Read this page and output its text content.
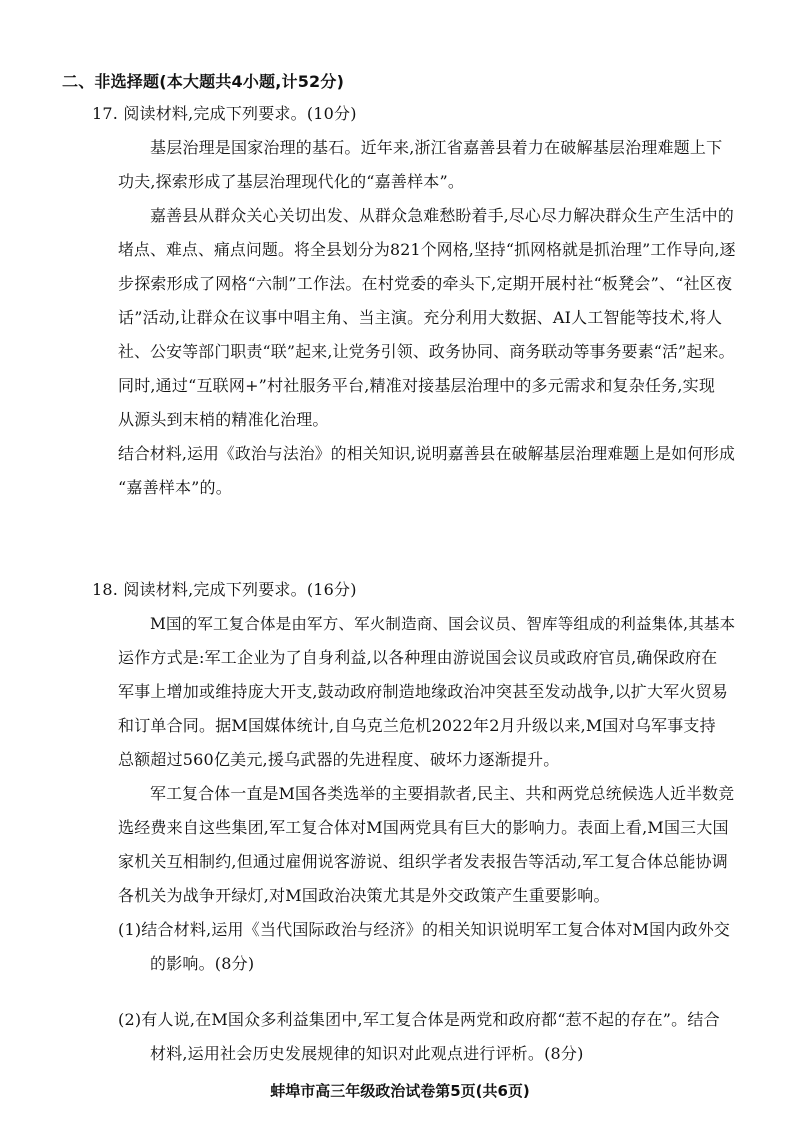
二、非选择题(本大题共4小题,计52分)
17. 阅读材料,完成下列要求。(10分)
基层治理是国家治理的基石。近年来,浙江省嘉善县着力在破解基层治理难题上下
功夫,探索形成了基层治理现代化的“嘉善样本”。
嘉善县从群众关心关切出发、从群众急难愁盼着手,尽心尽力解决群众生产生活中的
堵点、难点、痛点问题。将全县划分为821个网格,坚持“抓网格就是抓治理”工作导向,逐
步探索形成了网格“六制”工作法。在村党委的牵头下,定期开展村社“板凳会”、“社区夜
话”活动,让群众在议事中唱主角、当主演。充分利用大数据、AI人工智能等技术,将人
社、公安等部门职责“联”起来,让党务引领、政务协同、商务联动等事务要素“活”起来。
同时,通过“互联网+”村社服务平台,精准对接基层治理中的多元需求和复杂任务,实现
从源头到末梢的精准化治理。
结合材料,运用《政治与法治》的相关知识,说明嘉善县在破解基层治理难题上是如何形成
“嘉善样本”的。
18. 阅读材料,完成下列要求。(16分)
M国的军工复合体是由军方、军火制造商、国会议员、智库等组成的利益集体,其基本
运作方式是:军工企业为了自身利益,以各种理由游说国会议员或政府官员,确保政府在
军事上增加或维持庞大开支,鼓动政府制造地缘政治冲突甚至发动战争,以扩大军火贸易
和订单合同。据M国媒体统计,自乌克兰危机2022年2月升级以来,M国对乌军事支持
总额超过560亿美元,援乌武器的先进程度、破坏力逐渐提升。
军工复合体一直是M国各类选举的主要捐款者,民主、共和两党总统候选人近半数竞
选经费来自这些集团,军工复合体对M国两党具有巨大的影响力。表面上看,M国三大国
家机关互相制约,但通过雇佣说客游说、组织学者发表报告等活动,军工复合体总能协调
各机关为战争开绿灯,对M国政治决策尤其是外交政策产生重要影响。
(1)结合材料,运用《当代国际政治与经济》的相关知识说明军工复合体对M国内政外交
的影响。(8分)
(2)有人说,在M国众多利益集团中,军工复合体是两党和政府都“惹不起的存在”。结合
材料,运用社会历史发展规律的知识对此观点进行评析。(8分)
蚌埠市高三年级政治试卷第5页(共6页)
